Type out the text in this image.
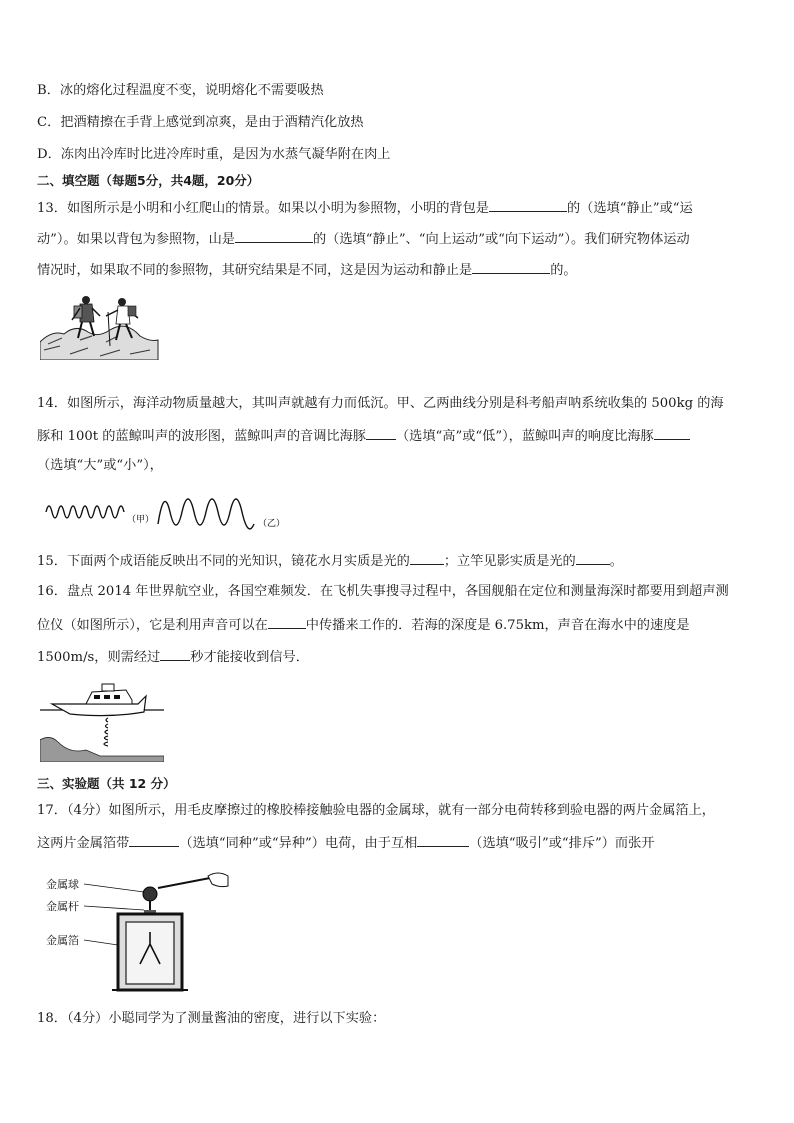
B．冰的熔化过程温度不变，说明熔化不需要吸热
C．把酒精擦在手背上感觉到凉爽，是由于酒精汽化放热
D．冻肉出冷库时比进冷库时重，是因为水蒸气凝华附在肉上
二、填空题（每题5分，共4题，20分）
13．如图所示是小明和小红爬山的情景。如果以小明为参照物，小明的背包是	的（选填“静止”或“运
动”）。如果以背包为参照物，山是	的（选填“静止”、“向上运动”或“向下运动”）。我们研究物体运动
情况时，如果取不同的参照物，其研究结果是不同，这是因为运动和静止是	的。
14．如图所示，海洋动物质量越大，其叫声就越有力而低沉。甲、乙两曲线分别是科考船声呐系统收集的 500kg 的海
豚和 100t 的蓝鲸叫声的波形图，蓝鲸叫声的音调比海豚 （选填“高”或“低”），蓝鲸叫声的响度比海豚
（选填“大”或“小”），
（甲）	（乙）
15．下面两个成语能反映出不同的光知识，镜花水月实质是光的	；立竿见影实质是光的	。
16．盘点 2014 年世界航空业，各国空难频发．在飞机失事搜寻过程中，各国舰船在定位和测量海深时都要用到超声测
位仪（如图所示），它是利用声音可以在	中传播来工作的．若海的深度是 6.75km，声音在海水中的速度是
1500m/s，则需经过 秒才能接收到信号．
三、实验题（共 12 分）
17．（4分）如图所示，用毛皮摩擦过的橡胶棒接触验电器的金属球，就有一部分电荷转移到验电器的两片金属箔上，
这两片金属箔带	（选填“同种”或“异种”）电荷，由于互相	（选填“吸引”或“排斥”）而张开
金属球
金属杆
金属箔
18．（4分）小聪同学为了测量酱油的密度，进行以下实验：
